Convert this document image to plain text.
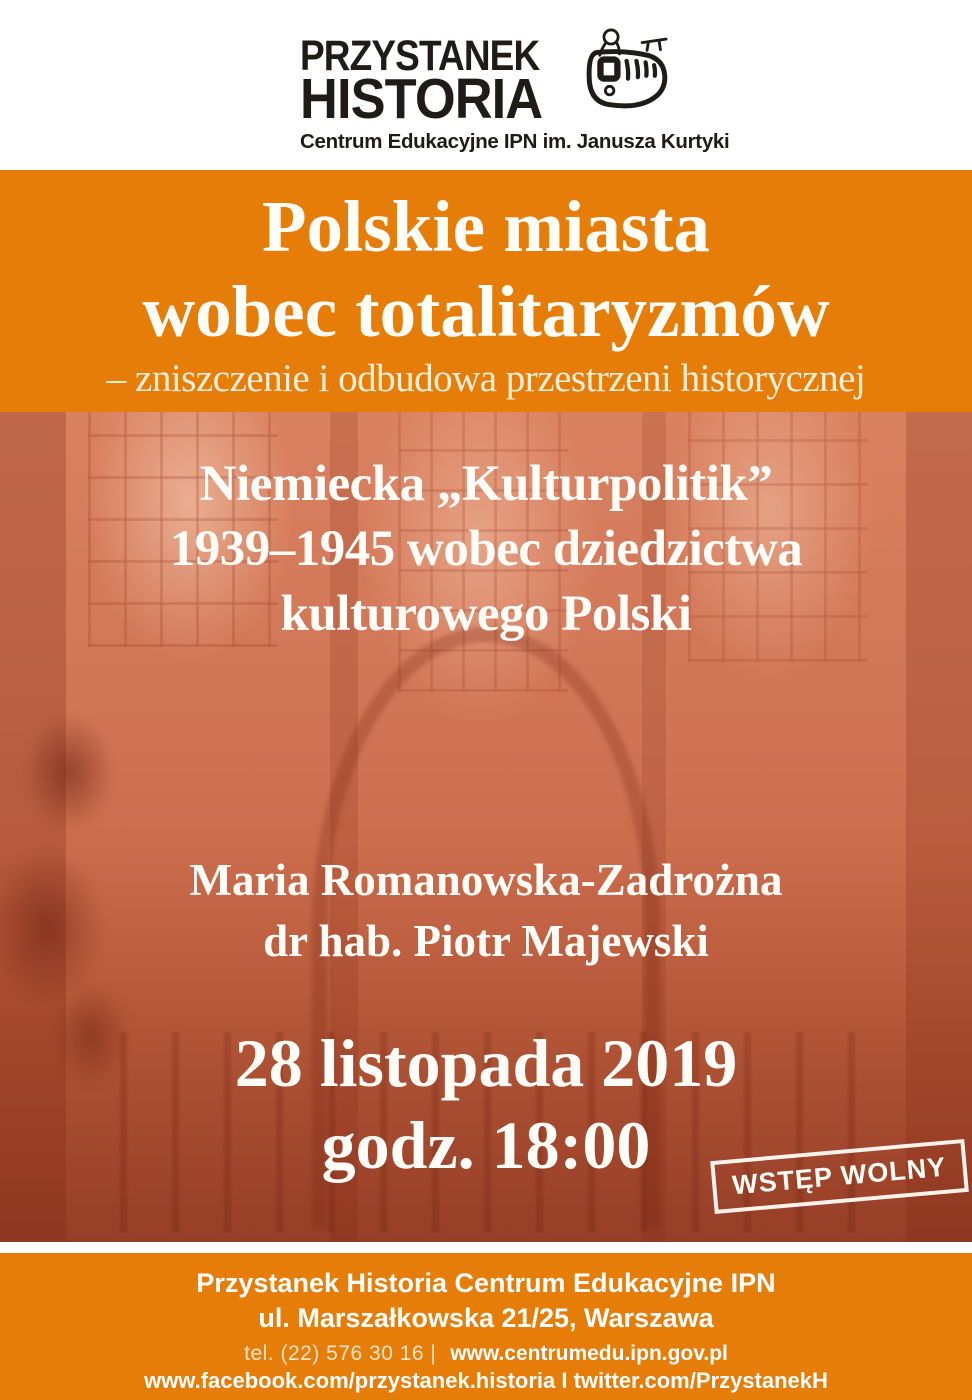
PRZYSTANEK
HISTORIA
Centrum Edukacyjne IPN im. Janusza Kurtyki
Polskie miasta
wobec totalitaryzmów
– zniszczenie i odbudowa przestrzeni historycznej
Niemiecka „Kulturpolitik”
1939–1945 wobec dziedzictwa
kulturowego Polski
Maria Romanowska-Zadrożna
dr hab. Piotr Majewski
28 listopada 2019
godz. 18:00	WSTĘP WOLNY
Przystanek Historia Centrum Edukacyjne IPN
ul. Marszałkowska 21/25, Warszawa
tel. (22) 576 30 16 | www.centrumedu.ipn.gov.pl
www.facebook.com/przystanek.historia I twitter.com/PrzystanekH
